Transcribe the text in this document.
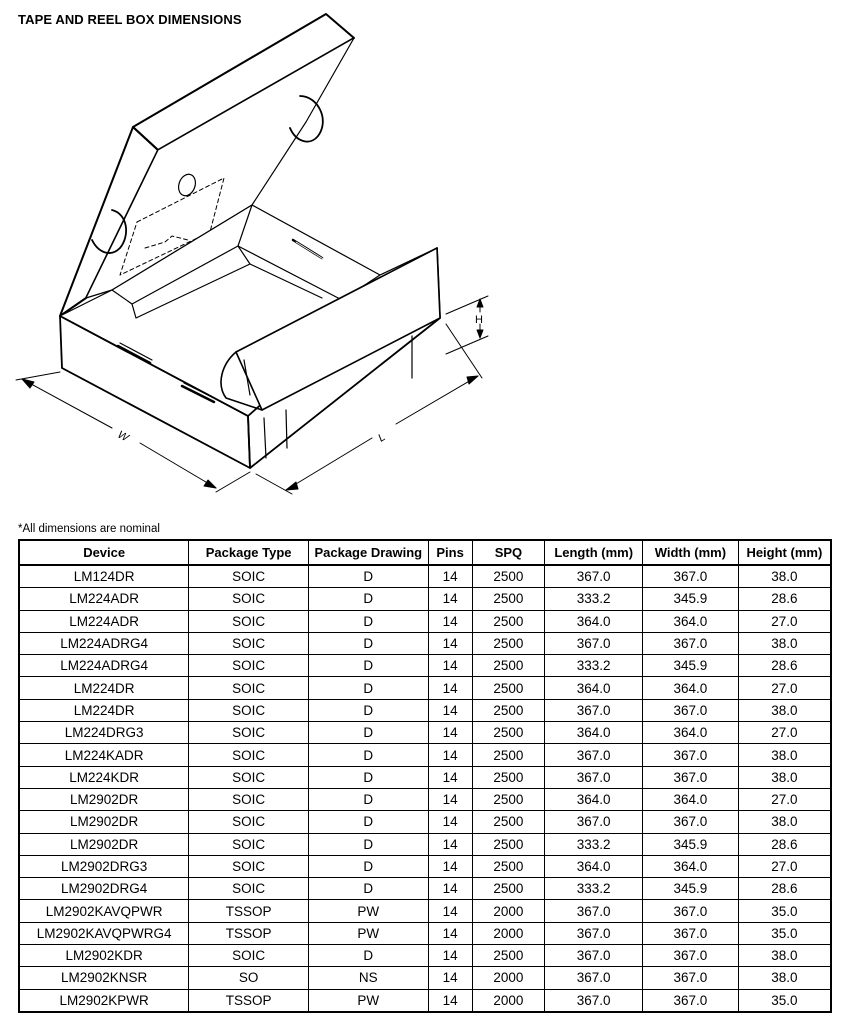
TAPE AND REEL BOX DIMENSIONS
W	L
H
*All dimensions are nominal
Device	Package Type	Package Drawing	Pins	SPQ	Length (mm)	Width (mm)	Height (mm)
LM124DR	SOIC	D	14	2500	367.0	367.0	38.0
LM224ADR	SOIC	D	14	2500	333.2	345.9	28.6
LM224ADR	SOIC	D	14	2500	364.0	364.0	27.0
LM224ADRG4	SOIC	D	14	2500	367.0	367.0	38.0
LM224ADRG4	SOIC	D	14	2500	333.2	345.9	28.6
LM224DR	SOIC	D	14	2500	364.0	364.0	27.0
LM224DR	SOIC	D	14	2500	367.0	367.0	38.0
LM224DRG3	SOIC	D	14	2500	364.0	364.0	27.0
LM224KADR	SOIC	D	14	2500	367.0	367.0	38.0
LM224KDR	SOIC	D	14	2500	367.0	367.0	38.0
LM2902DR	SOIC	D	14	2500	364.0	364.0	27.0
LM2902DR	SOIC	D	14	2500	367.0	367.0	38.0
LM2902DR	SOIC	D	14	2500	333.2	345.9	28.6
LM2902DRG3	SOIC	D	14	2500	364.0	364.0	27.0
LM2902DRG4	SOIC	D	14	2500	333.2	345.9	28.6
LM2902KAVQPWR	TSSOP	PW	14	2000	367.0	367.0	35.0
LM2902KAVQPWRG4	TSSOP	PW	14	2000	367.0	367.0	35.0
LM2902KDR	SOIC	D	14	2500	367.0	367.0	38.0
LM2902KNSR	SO	NS	14	2000	367.0	367.0	38.0
LM2902KPWR	TSSOP	PW	14	2000	367.0	367.0	35.0
